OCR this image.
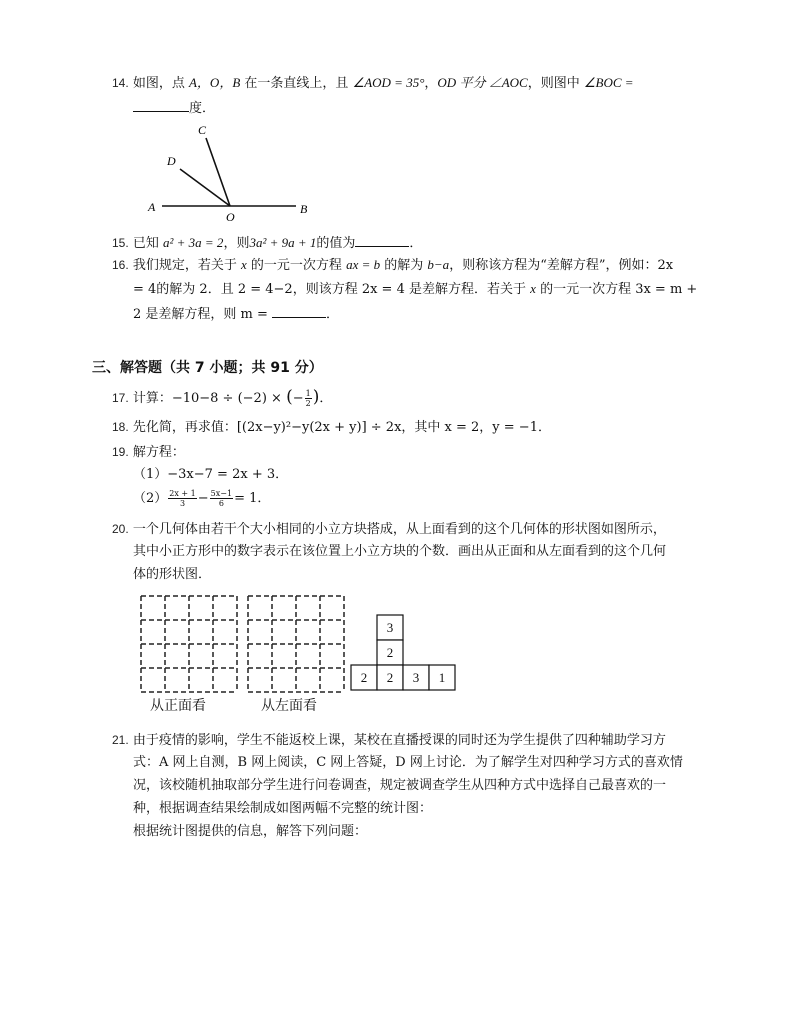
14. 如图，点 A，O，B 在一条直线上，且 ∠AOD = 35°，OD 平分 ∠AOC，则图中 ∠BOC =
度．
A
O
B
C
D
15. 已知 a² + 3a = 2，则3a² + 9a + 1的值为	．
16. 我们规定，若关于 x 的一元一次方程 ax = b 的解为 b−a，则称该方程为“差解方程”，例如：2x
= 4的解为 2．且 2 = 4−2，则该方程 2x = 4 是差解方程．若关于 x 的一元一次方程 3x = m +
2 是差解方程，则 m =	．
三、解答题（共 7 小题；共 91 分）
17. 计算：−10−8 ÷ (−2) × (− $\frac{1}{2}$ )．
18. 先化简，再求值：[(2x−y)²−y(2x + y)] ÷ 2x，其中 x = 2，y = −1．
19. 解方程：
（1）−3x−7 = 2x + 3．
$(2) \frac{2x + 1}{3} - \frac{5x-1}{6} = 1$．
20. 一个几何体由若干个大小相同的小立方块搭成，从上面看到的这个几何体的形状图如图所示，
其中小正方形中的数字表示在该位置上小立方块的个数．画出从正面和从左面看到的这个几何
体的形状图．
3
2
2 2 3 1
从正面看	从左面看
21. 由于疫情的影响，学生不能返校上课，某校在直播授课的同时还为学生提供了四种辅助学习方
式：A 网上自测，B 网上阅读，C 网上答疑，D 网上讨论．为了解学生对四种学习方式的喜欢情
况，该校随机抽取部分学生进行问卷调查，规定被调查学生从四种方式中选择自己最喜欢的一
种，根据调查结果绘制成如图两幅不完整的统计图：
根据统计图提供的信息，解答下列问题：
